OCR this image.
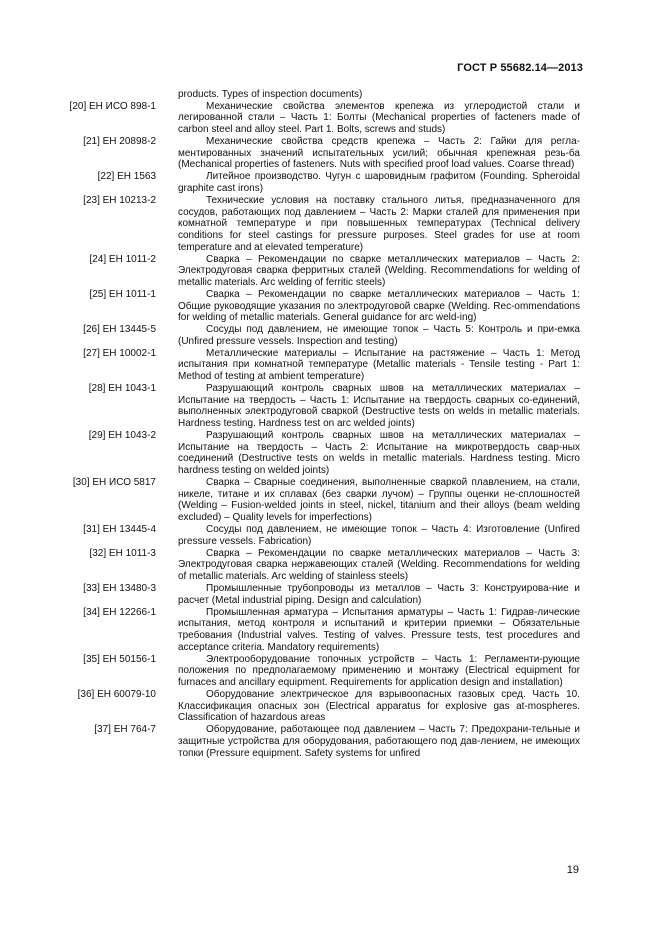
ГОСТ Р 55682.14—2013
products. Types of inspection documents)
[20] ЕН ИСО 898-1	Механические свойства элементов крепежа из углеродистой стали и легированной стали – Часть 1: Болты (Mechanical properties of facteners made of carbon steel and alloy steel. Part 1. Bolts, screws and studs)
[21] ЕН 20898-2	Механические свойства средств крепежа – Часть 2: Гайки для регла-ментированных значений испытательных усилий; обычная крепежная резь-ба (Mechanical properties of fasteners. Nuts with specified proof load values. Coarse thread)
[22] ЕН 1563	Литейное производство. Чугун с шаровидным графитом (Founding. Spheroidal graphite cast irons)
[23] ЕН 10213-2	Технические условия на поставку стального литья, предназначенного для сосудов, работающих под давлением – Часть 2: Марки сталей для применения при комнатной температуре и при повышенных температурах (Technical delivery conditions for steel castings for pressure purposes. Steel grades for use at room temperature and at elevated temperature)
[24] ЕН 1011-2	Сварка – Рекомендации по сварке металлических материалов – Часть 2: Электродуговая сварка ферритных сталей (Welding. Recommendations for welding of metallic materials. Arc welding of ferritic steels)
[25] ЕН 1011-1	Сварка – Рекомендации по сварке металлических материалов – Часть 1: Общие руководящие указания по электродуговой сварке (Welding. Rec-ommendations for welding of metallic materials. General guidance for arc weld-ing)
[26] ЕН 13445-5	Сосуды под давлением, не имеющие топок – Часть 5: Контроль и при-емка (Unfired pressure vessels. Inspection and testing)
[27] ЕН 10002-1	Металлические материалы – Испытание на растяжение – Часть 1: Метод испытания при комнатной температуре (Metallic materials - Tensile testing - Part 1: Method of testing at ambient temperature)
[28] ЕН 1043-1	Разрушающий контроль сварных швов на металлических материалах – Испытание на твердость – Часть 1: Испытание на твердость сварных со-единений, выполненных электродуговой сваркой (Destructive tests on welds in metallic materials. Hardness testing. Hardness test on arc welded joints)
[29] ЕН 1043-2	Разрушающий контроль сварных швов на металлических материалах – Испытание на твердость – Часть 2: Испытание на микротвердость свар-ных соединений (Destructive tests on welds in metallic materials. Hardness testing. Micro hardness testing on welded joints)
[30] ЕН ИСО 5817	Сварка – Сварные соединения, выполненные сваркой плавлением, на стали, никеле, титане и их сплавах (без сварки лучом) – Группы оценки не-сплошностей (Welding – Fusion-welded joints in steel, nickel, titanium and their alloys (beam welding excluded) – Quality levels for imperfections)
[31] ЕН 13445-4	Сосуды под давлением, не имеющие топок – Часть 4: Изготовление (Unfired pressure vessels. Fabrication)
[32] ЕН 1011-3	Сварка – Рекомендации по сварке металлических материалов – Часть 3: Электродуговая сварка нержавеющих сталей (Welding. Recommendations for welding of metallic materials. Arc welding of stainless steels)
[33] ЕН 13480-3	Промышленные трубопроводы из металлов – Часть 3: Конструирова-ние и расчет (Metal industrial piping. Design and calculation)
[34] ЕН 12266-1	Промышленная арматура – Испытания арматуры – Часть 1: Гидрав-лические испытания, метод контроля и испытаний и критерии приемки – Обязательные требования (Industrial valves. Testing of valves. Pressure tests, test procedures and acceptance criteria. Mandatory requirements)
[35] ЕН 50156-1	Электрооборудование топочных устройств – Часть 1: Регламенти-рующие положения по предполагаемому применению и монтажу (Electrical equipment for furnaces and ancillary equipment. Requirements for application design and installation)
[36] ЕН 60079-10	Оборудование электрическое для взрывоопасных газовых сред. Часть 10. Классификация опасных зон (Electrical apparatus for explosive gas at-mospheres. Classification of hazardous areas
[37] ЕН 764-7	Оборудование, работающее под давлением – Часть 7: Предохрани-тельные и защитные устройства для оборудования, работающего под дав-лением, не имеющих топки (Pressure equipment. Safety systems for unfired
19
